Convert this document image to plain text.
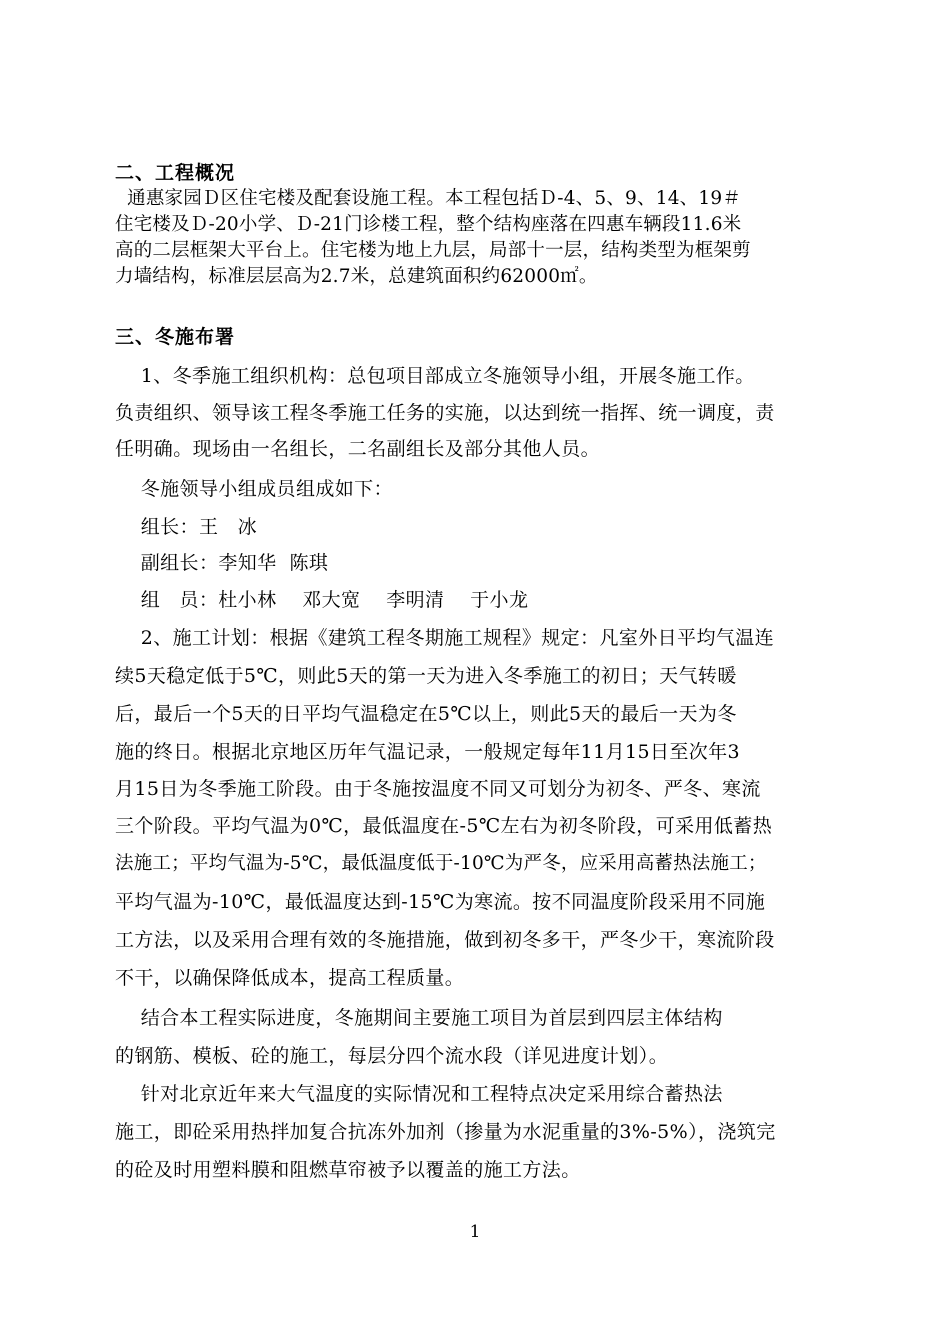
二、工程概况
通惠家园Ｄ区住宅楼及配套设施工程。本工程包括Ｄ-4、5、9、14、19＃
住宅楼及Ｄ-20小学、Ｄ-21门诊楼工程，整个结构座落在四惠车辆段11.6米
高的二层框架大平台上。住宅楼为地上九层，局部十一层，结构类型为框架剪
力墙结构，标准层层高为2.7米，总建筑面积约62000㎡。
三、冬施布署
1、冬季施工组织机构：总包项目部成立冬施领导小组，开展冬施工作。
负责组织、领导该工程冬季施工任务的实施，以达到统一指挥、统一调度，责
任明确。现场由一名组长，二名副组长及部分其他人员。
冬施领导小组成员组成如下：
组长：王   冰
副组长：李知华  陈琪
组   员：杜小林    邓大宽    李明清    于小龙
2、施工计划：根据《建筑工程冬期施工规程》规定：凡室外日平均气温连
续5天稳定低于5℃，则此5天的第一天为进入冬季施工的初日；天气转暖
后，最后一个5天的日平均气温稳定在5℃以上，则此5天的最后一天为冬
施的终日。根据北京地区历年气温记录，一般规定每年11月15日至次年3
月15日为冬季施工阶段。由于冬施按温度不同又可划分为初冬、严冬、寒流
三个阶段。平均气温为0℃，最低温度在-5℃左右为初冬阶段，可采用低蓄热
法施工；平均气温为-5℃，最低温度低于-10℃为严冬，应采用高蓄热法施工；
平均气温为-10℃，最低温度达到-15℃为寒流。按不同温度阶段采用不同施
工方法，以及采用合理有效的冬施措施，做到初冬多干，严冬少干，寒流阶段
不干，以确保降低成本，提高工程质量。
结合本工程实际进度，冬施期间主要施工项目为首层到四层主体结构
的钢筋、模板、砼的施工，每层分四个流水段（详见进度计划）。
针对北京近年来大气温度的实际情况和工程特点决定采用综合蓄热法
施工，即砼采用热拌加复合抗冻外加剂（掺量为水泥重量的3%-5%），浇筑完
的砼及时用塑料膜和阻燃草帘被予以覆盖的施工方法。
1
